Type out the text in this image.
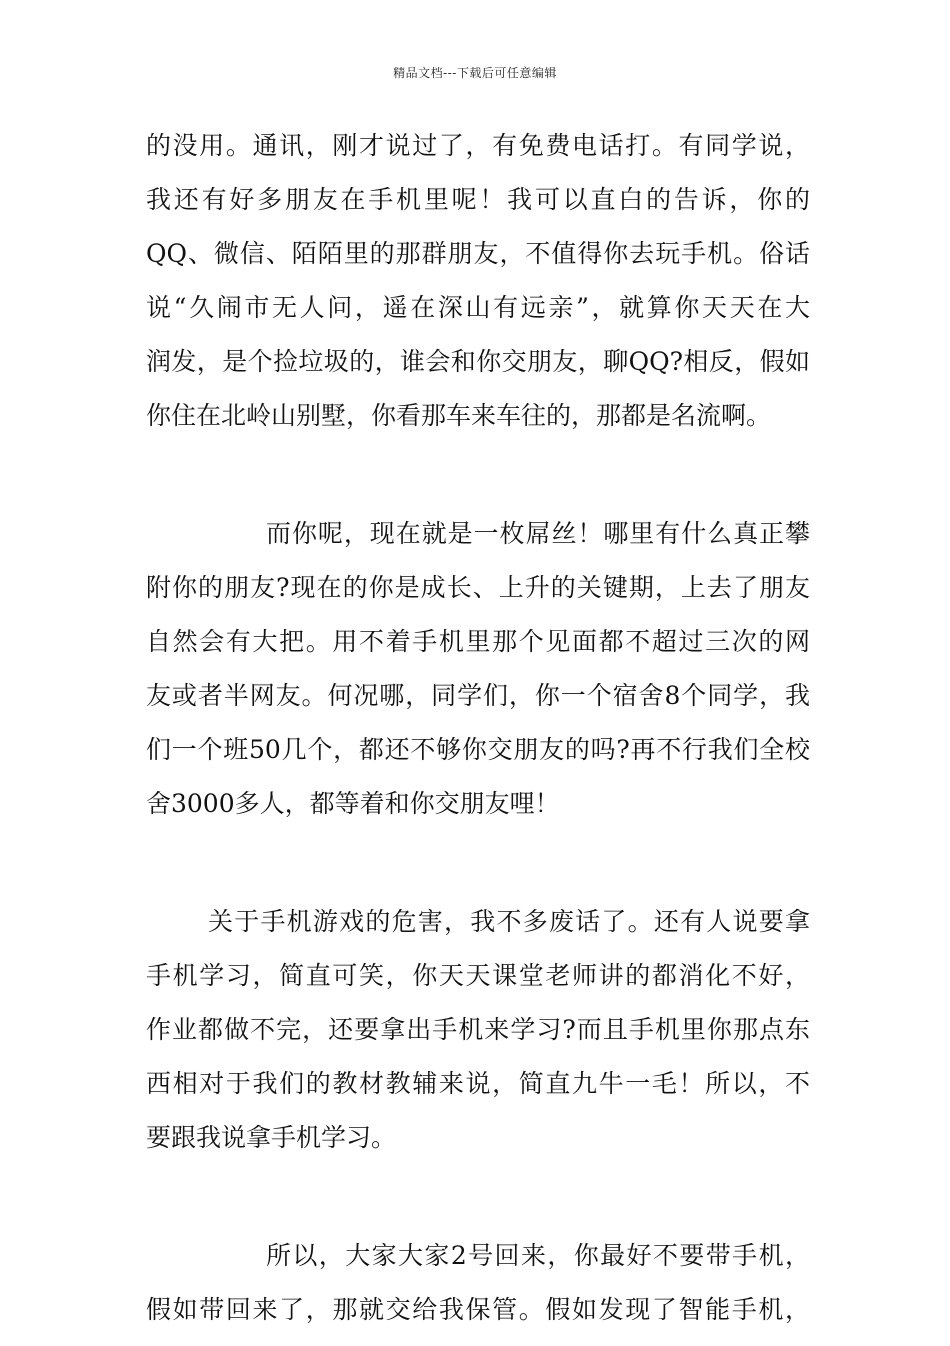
精品文档---下载后可任意编辑
的没用。通讯，刚才说过了，有免费电话打。有同学说，
我还有好多朋友在手机里呢！我可以直白的告诉，你的
QQ、微信、陌陌里的那群朋友，不值得你去玩手机。俗话
说“久闹市无人问，遥在深山有远亲”，就算你天天在大
润发，是个捡垃圾的，谁会和你交朋友，聊QQ?相反，假如
你住在北岭山别墅，你看那车来车往的，那都是名流啊。
而你呢，现在就是一枚屌丝！哪里有什么真正攀
附你的朋友?现在的你是成长、上升的关键期，上去了朋友
自然会有大把。用不着手机里那个见面都不超过三次的网
友或者半网友。何况哪，同学们，你一个宿舍8个同学，我
们一个班50几个，都还不够你交朋友的吗?再不行我们全校
舍3000多人，都等着和你交朋友哩！
关于手机游戏的危害，我不多废话了。还有人说要拿
手机学习，简直可笑，你天天课堂老师讲的都消化不好，
作业都做不完，还要拿出手机来学习?而且手机里你那点东
西相对于我们的教材教辅来说，简直九牛一毛！所以，不
要跟我说拿手机学习。
所以，大家大家2号回来，你最好不要带手机，
假如带回来了，那就交给我保管。假如发现了智能手机，
